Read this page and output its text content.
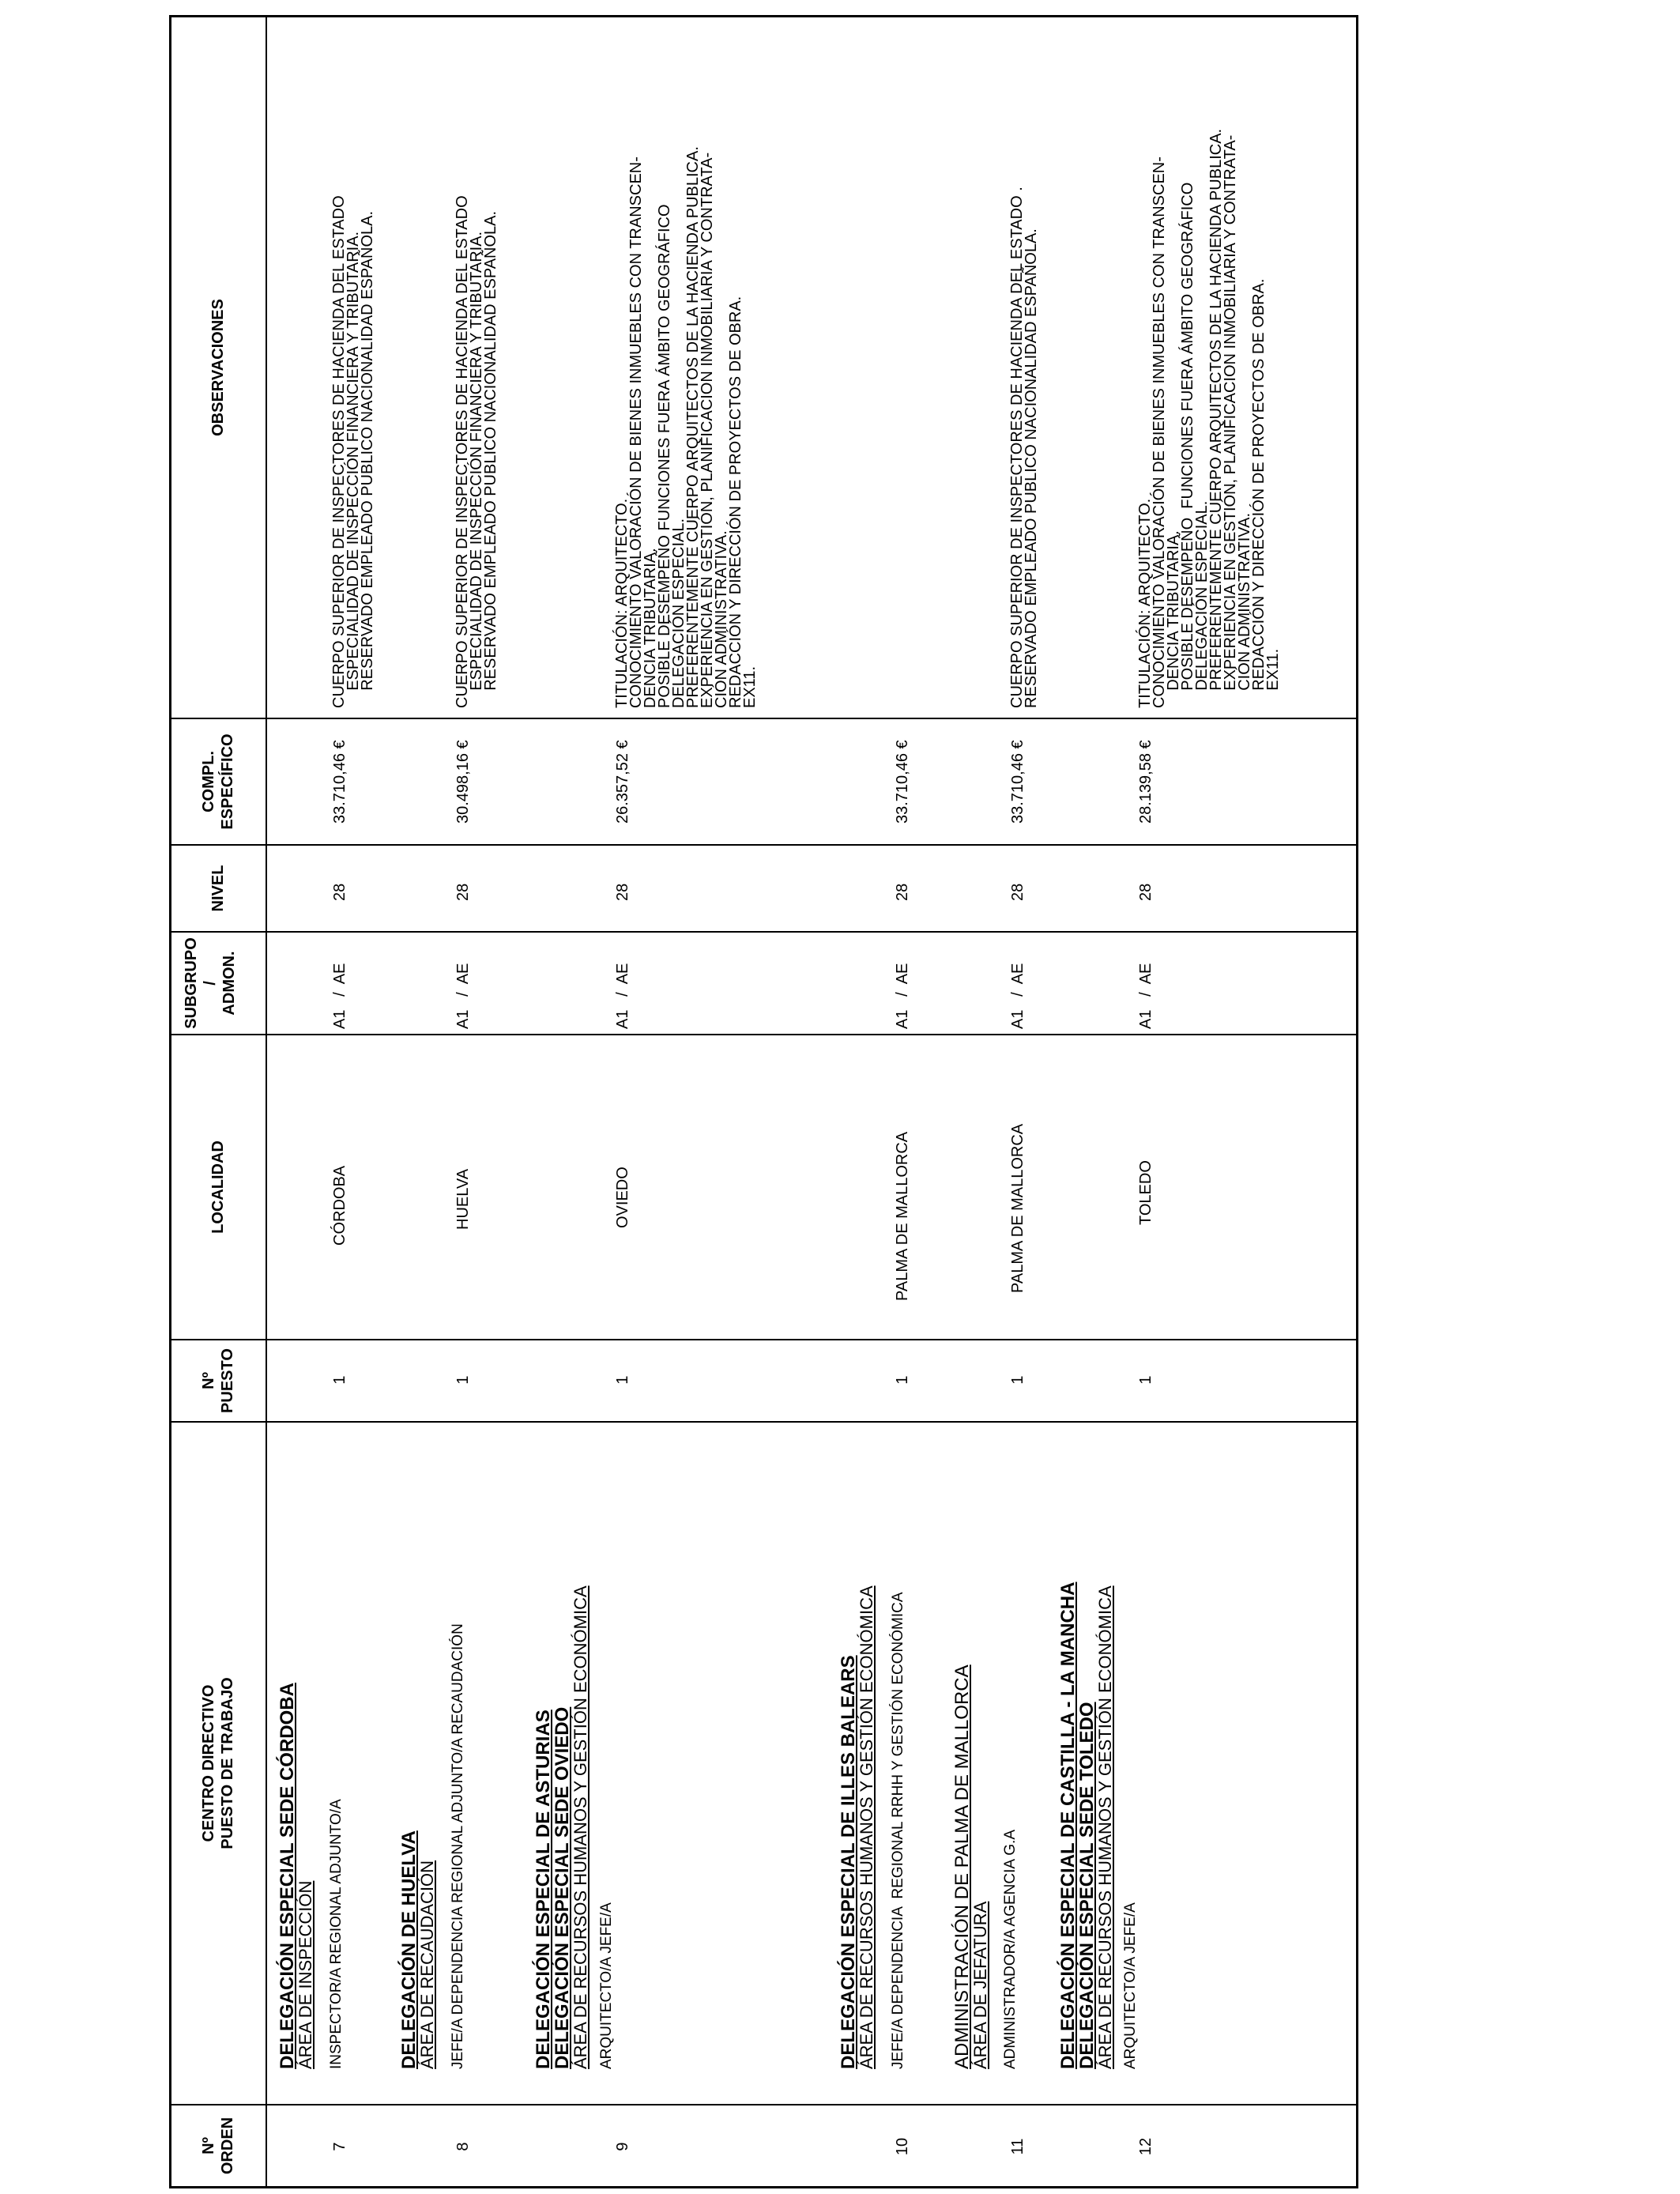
Nº ORDEN
CENTRO DIRECTIVO PUESTO DE TRABAJO
Nº PUESTO
LOCALIDAD
SUBGRUPO / ADMON.
NIVEL
COMPL. ESPECÍFICO
OBSERVACIONES
7
DELEGACIÓN ESPECIAL SEDE CÓRDOBA
ÁREA DE INSPECCIÓN INSPECTOR/A REGIONAL ADJUNTO/A
1
CÓRDOBA
A1   /  AE
28
33.710,46 €
CUERPO SUPERIOR DE INSPECTORES DE HACIENDA DEL ESTADO
ESPECIALIDAD DE INSPECCIÓN FINANCIERA Y TRIBUTARIA.
RESERVADO EMPLEADO PUBLICO NACIONALIDAD ESPAÑOLA.
8
DELEGACIÓN DE HUELVA
ÁREA DE RECAUDACIÓN JEFE/A DEPENDENCIA REGIONAL ADJUNTO/A RECAUDACIÓN
1
HUELVA
A1   /  AE
28
30.498,16 €
CUERPO SUPERIOR DE INSPECTORES DE HACIENDA DEL ESTADO
ESPECIALIDAD DE INSPECCIÓN FINANCIERA Y TRIBUTARIA.
RESERVADO EMPLEADO PUBLICO NACIONALIDAD ESPAÑOLA.
9
DELEGACIÓN ESPECIAL DE ASTURIAS
DELEGACIÓN ESPECIAL SEDE OVIEDO
ÁREA DE RECURSOS HUMANOS Y GESTIÓN ECONÓMICA ARQUITECTO/A JEFE/A
1
OVIEDO
A1   /  AE
28
26.357,52 €
TITULACIÓN: ARQUITECTO.
CONOCIMIENTO VALORACIÓN DE BIENES INMUEBLES CON TRANSCEN-
DENCIA TRIBUTARIA.
POSIBLE DESEMPEÑO FUNCIONES FUERA ÁMBITO GEOGRÁFICO
DELEGACIÓN ESPECIAL.
PREFERENTEMENTE CUERPO ARQUITECTOS DE LA HACIENDA PUBLICA.
EXPERIENCIA EN GESTIÓN, PLANIFICACION INMOBILIARIA Y CONTRATA-
CIÓN ADMINISTRATIVA.
REDACCIÓN Y DIRECCIÓN DE PROYECTOS DE OBRA.
EX11.
10
DELEGACIÓN ESPECIAL DE ILLES BALEARS
ÁREA DE RECURSOS HUMANOS Y GESTIÓN ECONÓMICA JEFE/A DEPENDENCIA  REGIONAL RRHH Y GESTIÓN ECONÓMICA
1
PALMA DE MALLORCA
A1   /  AE
28
33.710,46 €
11
ADMINISTRACIÓN DE PALMA DE MALLORCA
ÁREA DE JEFATURA ADMINISTRADOR/A AGENCIA G.A
1
PALMA DE MALLORCA
A1   /  AE
28
33.710,46 €
CUERPO SUPERIOR DE INSPECTORES DE HACIENDA DEL ESTADO .
RESERVADO EMPLEADO PUBLICO NACIONALIDAD ESPAÑOLA.
12
DELEGACIÓN ESPECIAL DE CASTILLA - LA MANCHA
DELEGACIÓN ESPECIAL SEDE TOLEDO
ÁREA DE RECURSOS HUMANOS Y GESTIÓN ECONÓMICA ARQUITECTO/A JEFE/A
1
TOLEDO
A1   /  AE
28
28.139,58 €
TITULACIÓN: ARQUITECTO.
CONOCIMIENTO VALORACIÓN DE BIENES INMUEBLES CON TRANSCEN-
DENCIA TRIBUTARIA.
POSIBLE DESEMPEÑO  FUNCIONES FUERA ÁMBITO GEOGRÁFICO
DELEGACIÓN ESPECIAL.
PREFERENTEMENTE CUERPO ARQUITECTOS DE LA HACIENDA PUBLICA.
EXPERIENCIA EN GESTIÓN, PLANIFICACION INMOBILIARIA Y CONTRATA-
CIÓN ADMINISTRATIVA.
REDACCIÓN Y DIRECCIÓN DE PROYECTOS DE OBRA.
EX11.
